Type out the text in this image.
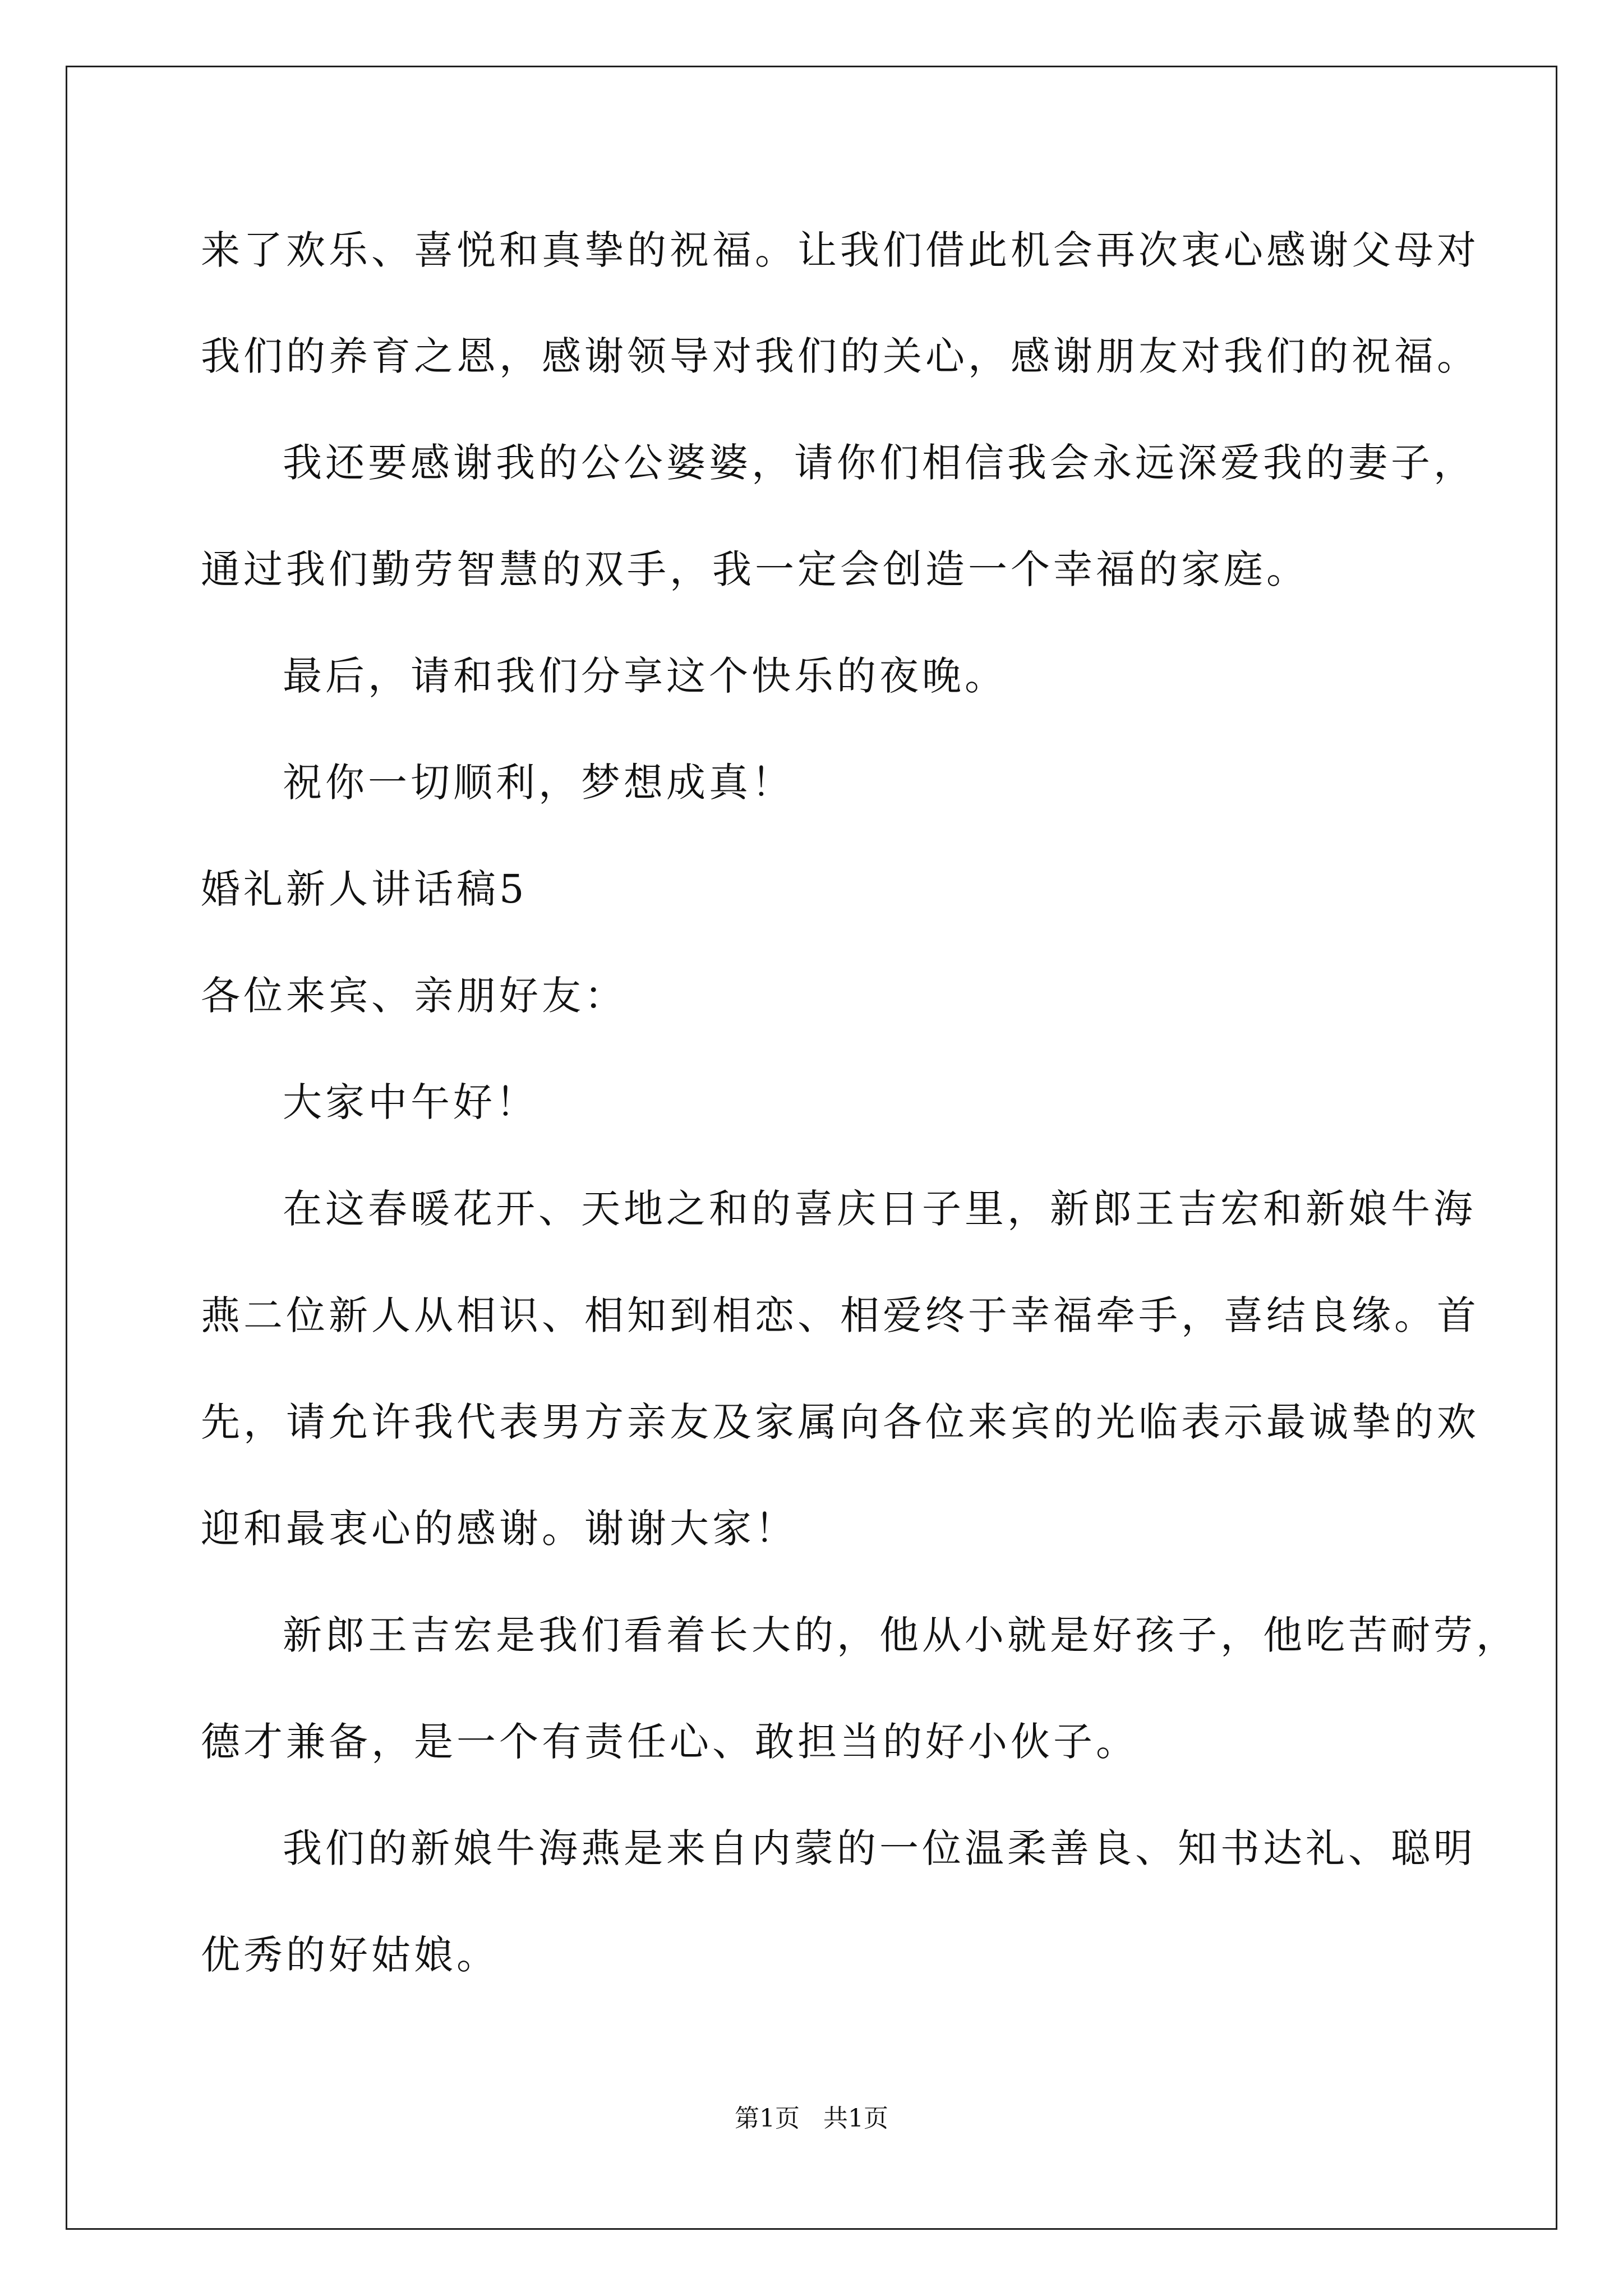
来了欢乐、喜悦和真挚的祝福。让我们借此机会再次衷心感谢父母对
我们的养育之恩，感谢领导对我们的关心，感谢朋友对我们的祝福。
我还要感谢我的公公婆婆，请你们相信我会永远深爱我的妻子，
通过我们勤劳智慧的双手，我一定会创造一个幸福的家庭。
最后，请和我们分享这个快乐的夜晚。
祝你一切顺利，梦想成真！
婚礼新人讲话稿5
各位来宾、亲朋好友：
大家中午好！
在这春暖花开、天地之和的喜庆日子里，新郎王吉宏和新娘牛海
燕二位新人从相识、相知到相恋、相爱终于幸福牵手，喜结良缘。首
先，请允许我代表男方亲友及家属向各位来宾的光临表示最诚挚的欢
迎和最衷心的感谢。谢谢大家！
新郎王吉宏是我们看着长大的，他从小就是好孩子，他吃苦耐劳，
德才兼备，是一个有责任心、敢担当的好小伙子。
我们的新娘牛海燕是来自内蒙的一位温柔善良、知书达礼、聪明
优秀的好姑娘。
第1页   共1页
